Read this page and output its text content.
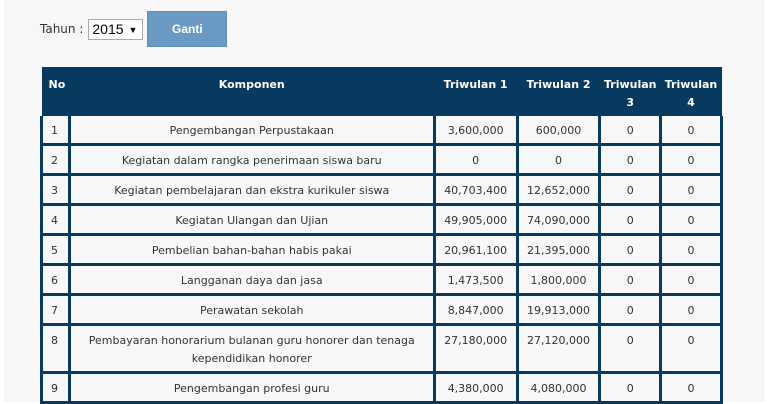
Tahun : 2015 ▼	Ganti
No	Komponen	Triwulan 1	Triwulan 2	Triwulan 3	Triwulan 4
1	Pengembangan Perpustakaan	3,600,000	600,000	0	0
2	Kegiatan dalam rangka penerimaan siswa baru	0	0	0	0
3	Kegiatan pembelajaran dan ekstra kurikuler siswa	40,703,400	12,652,000	0	0
4	Kegiatan Ulangan dan Ujian	49,905,000	74,090,000	0	0
5	Pembelian bahan-bahan habis pakai	20,961,100	21,395,000	0	0
6	Langganan daya dan jasa	1,473,500	1,800,000	0	0
7	Perawatan sekolah	8,847,000	19,913,000	0	0
8	Pembayaran honorarium bulanan guru honorer dan tenaga kependidikan honorer	27,180,000	27,120,000	0	0
9	Pengembangan profesi guru	4,380,000	4,080,000	0	0
